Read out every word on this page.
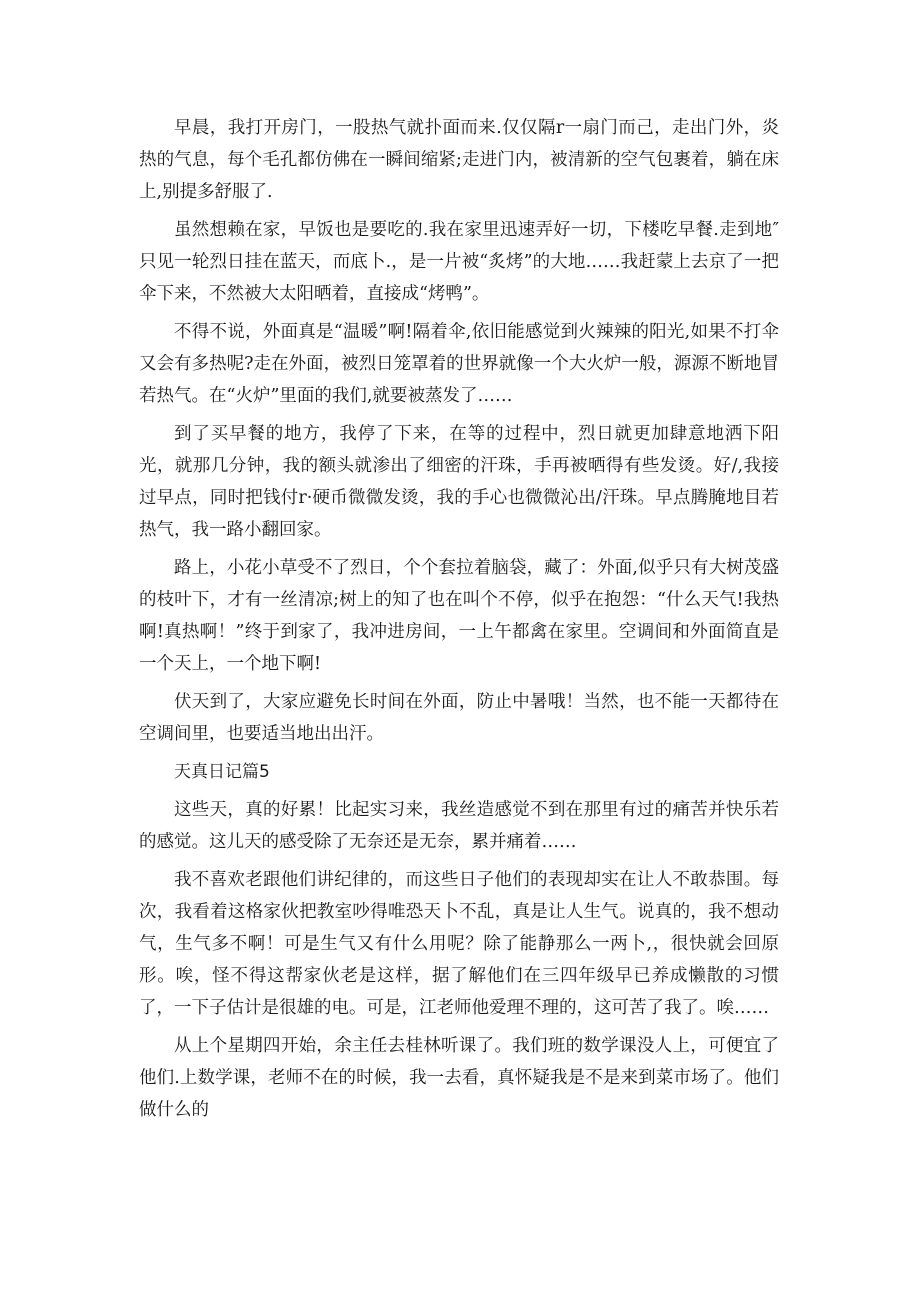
早晨，我打开房门，一股热气就扑面而来.仅仅隔r一扇门而己，走出门外，炎热的气息，每个毛孔都仿佛在一瞬间缩紧;走进门内，被清新的空气包裹着，躺在床上,别提多舒服了.

虽然想赖在家，早饭也是要吃的.我在家里迅速弄好一切，下楼吃早餐.走到地″只见一轮烈日挂在蓝天，而底卜.，是一片被“炙烤”的大地……我赶蒙上去京了一把伞下来，不然被大太阳晒着，直接成“烤鸭”。

不得不说，外面真是“温暖”啊!隔着伞,依旧能感觉到火辣辣的阳光,如果不打伞又会有多热呢?走在外面，被烈日笼罩着的世界就像一个大火炉一般，源源不断地冒若热气。在“火炉”里面的我们,就要被蒸发了……

到了买早餐的地方，我停了下来，在等的过程中，烈日就更加肆意地洒下阳光，就那几分钟，我的额头就渗出了细密的汗珠，手再被晒得有些发烫。好/,我接过早点，同时把钱付r·硬币微微发烫，我的手心也微微沁出/汗珠。早点腾腌地目若热气，我一路小翻回家。

路上，小花小草受不了烈日，个个套拉着脑袋，藏了：外面,似乎只有大树茂盛的枝叶下，才有一丝清凉;树上的知了也在叫个不停，似乎在抱怨：“什么天气!我热啊!真热啊！”终于到家了，我冲进房间，一上午都禽在家里。空调间和外面简直是一个天上，一个地下啊!

伏天到了，大家应避免长时间在外面，防止中暑哦！当然，也不能一天都待在空调间里，也要适当地出出汗。

天真日记篇5

这些天，真的好累！比起实习来，我丝造感觉不到在那里有过的痛苦并快乐若的感觉。这儿天的感受除了无奈还是无奈，累并痛着……

我不喜欢老跟他们讲纪律的，而这些日子他们的表现却实在让人不敢恭围。每次，我看着这格家伙把教室吵得唯恐天卜不乱，真是让人生气。说真的，我不想动气，生气多不啊！可是生气又有什么用呢？除了能静那么一两卜,，很快就会回原形。唉，怪不得这帮家伙老是这样，据了解他们在三四年级早已养成懒散的习惯了，一下子估计是很雄的电。可是，江老师他爱理不理的，这可苦了我了。唉……

从上个星期四开始，余主任去桂林听课了。我们班的数学课没人上，可便宜了他们.上数学课，老师不在的时候，我一去看，真怀疑我是不是来到菜市场了。他们做什么的
